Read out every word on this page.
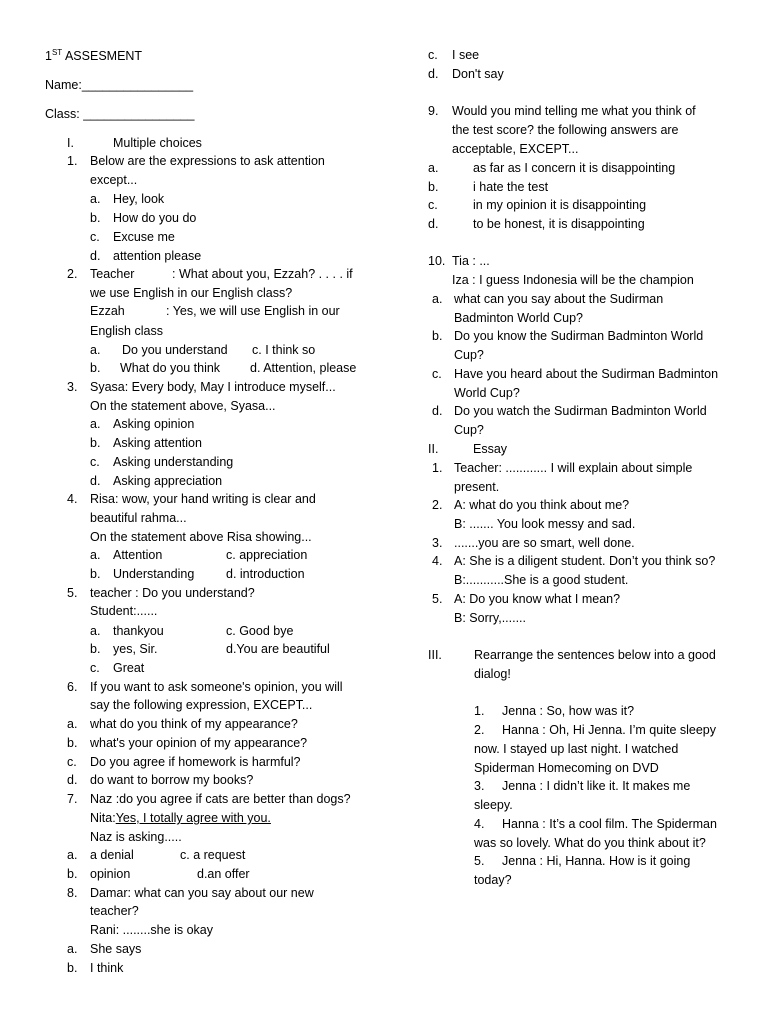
1ST ASSESMENT
Name:________________
Class: ________________
I.	Multiple choices
1. Below are the expressions to ask attention
except...
a. Hey, look
b. How do you do
c. Excuse me
d. attention please
2. Teacher	: What about you, Ezzah? . . . . if
we use English in our English class?
Ezzah	: Yes, we will use English in our
English class
a. Do you understand c. I think so
b. What do you think d. Attention, please
3. Syasa: Every body, May I introduce myself...
On the statement above, Syasa...
a. Asking opinion
b. Asking attention
c. Asking understanding
d. Asking appreciation
4. Risa: wow, your hand writing is clear and
beautiful rahma...
On the statement above Risa showing...
a. Attention	c. appreciation
b. Understanding	d. introduction
5. teacher : Do you understand?
Student:......
a. thankyou	c. Good bye
b. yes, Sir.	d.You are beautiful
c. Great
6. If you want to ask someone's opinion, you will
say the following expression, EXCEPT...
a. what do you think of my appearance?
b. what's your opinion of my appearance?
c. Do you agree if homework is harmful?
d. do want to borrow my books?
7. Naz :do you agree if cats are better than dogs?
Nita:Yes, I totally agree with you.
Naz is asking.....
a. a denial	c. a request
b. opinion	d.an offer
8. Damar: what can you say about our new
teacher?
Rani: ........she is okay
a. She says
b. I think
c. I see
d. Don't say
9. Would you mind telling me what you think of
the test score? the following answers are
acceptable, EXCEPT...
a.	as far as I concern it is disappointing
b.	i hate the test
c.	in my opinion it is disappointing
d.	to be honest, it is disappointing
10. Tia : ...
Iza : I guess Indonesia will be the champion
a. what can you say about the Sudirman
Badminton World Cup?
b. Do you know the Sudirman Badminton World
Cup?
c. Have you heard about the Sudirman Badminton
World Cup?
d. Do you watch the Sudirman Badminton World
Cup?
II.	Essay
1. Teacher: ............ I will explain about simple
present.
2. A: what do you think about me?
B: ....... You look messy and sad.
3. .......you are so smart, well done.
4. A: She is a diligent student. Don’t you think so?
B:...........She is a good student.
5. A: Do you know what I mean?
B: Sorry,.......
III.	Rearrange the sentences below into a good
dialog!
1. Jenna : So, how was it?
2. Hanna : Oh, Hi Jenna. I’m quite sleepy
now. I stayed up last night. I watched
Spiderman Homecoming on DVD
3. Jenna : I didn’t like it. It makes me
sleepy.
4. Hanna : It’s a cool film. The Spiderman
was so lovely. What do you think about it?
5. Jenna : Hi, Hanna. How is it going
today?
